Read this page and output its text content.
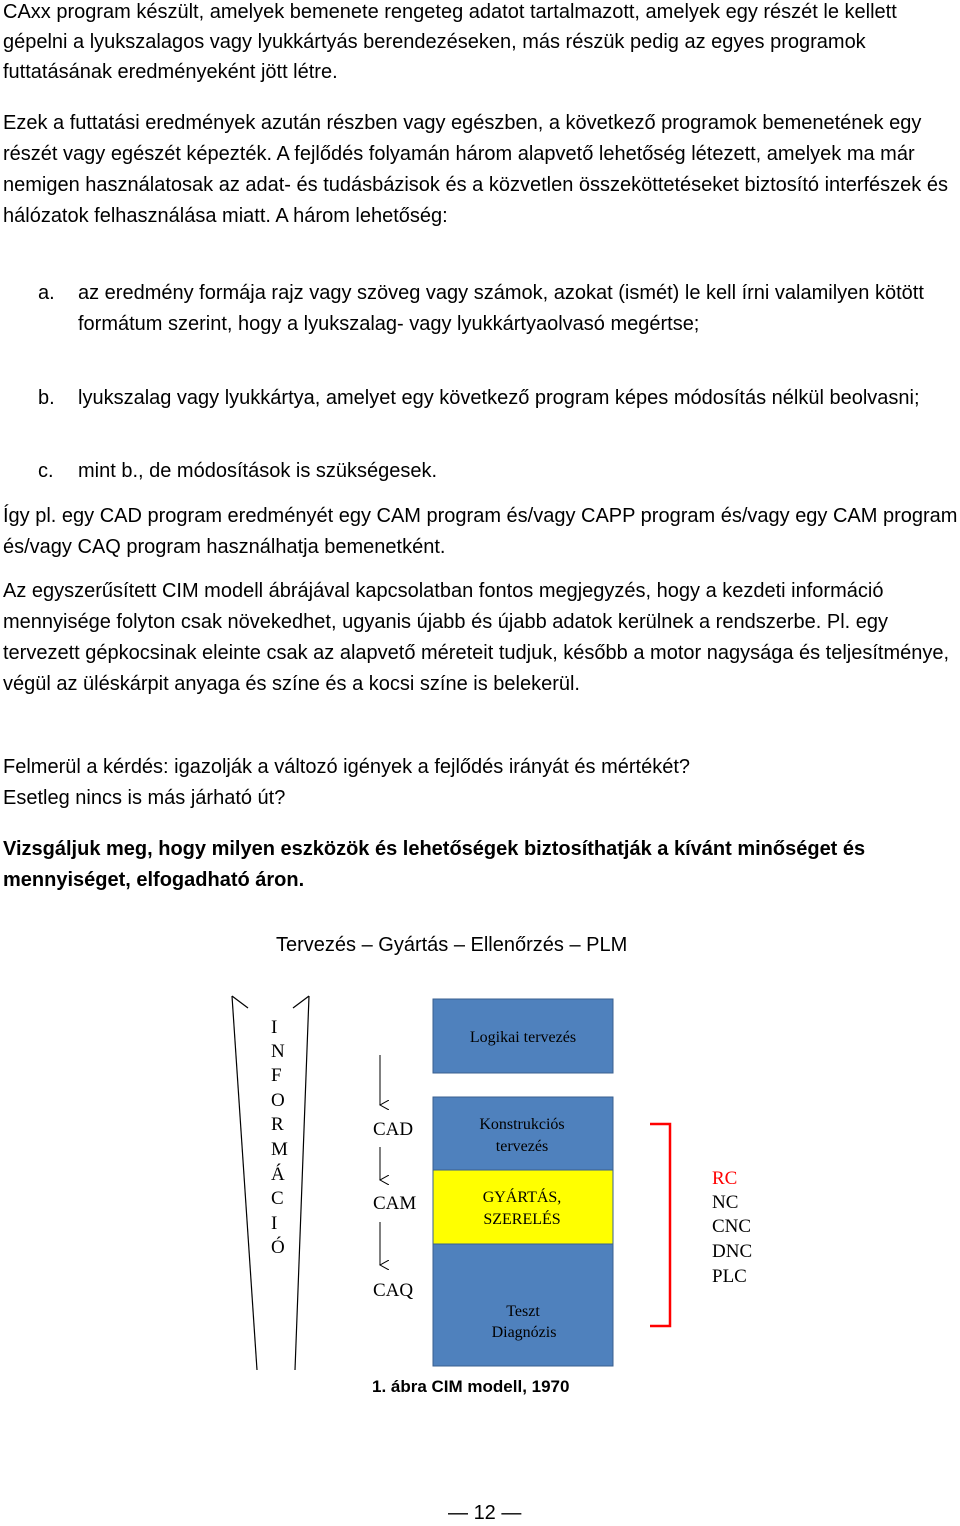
CAxx program készült, amelyek bemenete rengeteg adatot tartalmazott, amelyek egy részét le kellett gépelni a lyukszalagos vagy lyukkártyás berendezéseken, más részük pedig az egyes programok futtatásának eredményeként jött létre.

Ezek a futtatási eredmények azután részben vagy egészben, a következő programok bemenetének egy részét vagy egészét képezték. A fejlődés folyamán három alapvető lehetőség létezett, amelyek ma már nemigen használatosak az adat- és tudásbázisok és a közvetlen összeköttetéseket biztosító interfészek és hálózatok felhasználása miatt. A három lehetőség:

a. az eredmény formája rajz vagy szöveg vagy számok, azokat (ismét) le kell írni valamilyen kötött formátum szerint, hogy a lyukszalag- vagy lyukkártyaolvasó megértse;
b. lyukszalag vagy lyukkártya, amelyet egy következő program képes módosítás nélkül beolvasni;
c. mint b., de módosítások is szükségesek.

Így pl. egy CAD program eredményét egy CAM program és/vagy CAPP program és/vagy egy CAM program és/vagy CAQ program használhatja bemenetként.

Az egyszerűsített CIM modell ábrájával kapcsolatban fontos megjegyzés, hogy a kezdeti információ mennyisége folyton csak növekedhet, ugyanis újabb és újabb adatok kerülnek a rendszerbe. Pl. egy tervezett gépkocsinak eleinte csak az alapvető méreteit tudjuk, később a motor nagysága és teljesítménye, végül az üléskárpit anyaga és színe és a kocsi színe is belekerül.

Felmerül a kérdés: igazolják a változó igények a fejlődés irányát és mértékét?

Esetleg nincs is más járható út?

Vizsgáljuk meg, hogy milyen eszközök és lehetőségek biztosíthatják a kívánt minőséget és mennyiséget, elfogadható áron.

Tervezés – Gyártás – Ellenőrzés – PLM
I
N
F
O
R
M
Á
C
I
Ó
CAD
CAM
CAQ
Logikai tervezés
Konstrukciós
tervezés
GYÁRTÁS,
SZERELÉS
Teszt
Diagnózis
RC
NC
CNC
DNC
PLC
1. ábra CIM modell, 1970
— 12 —
